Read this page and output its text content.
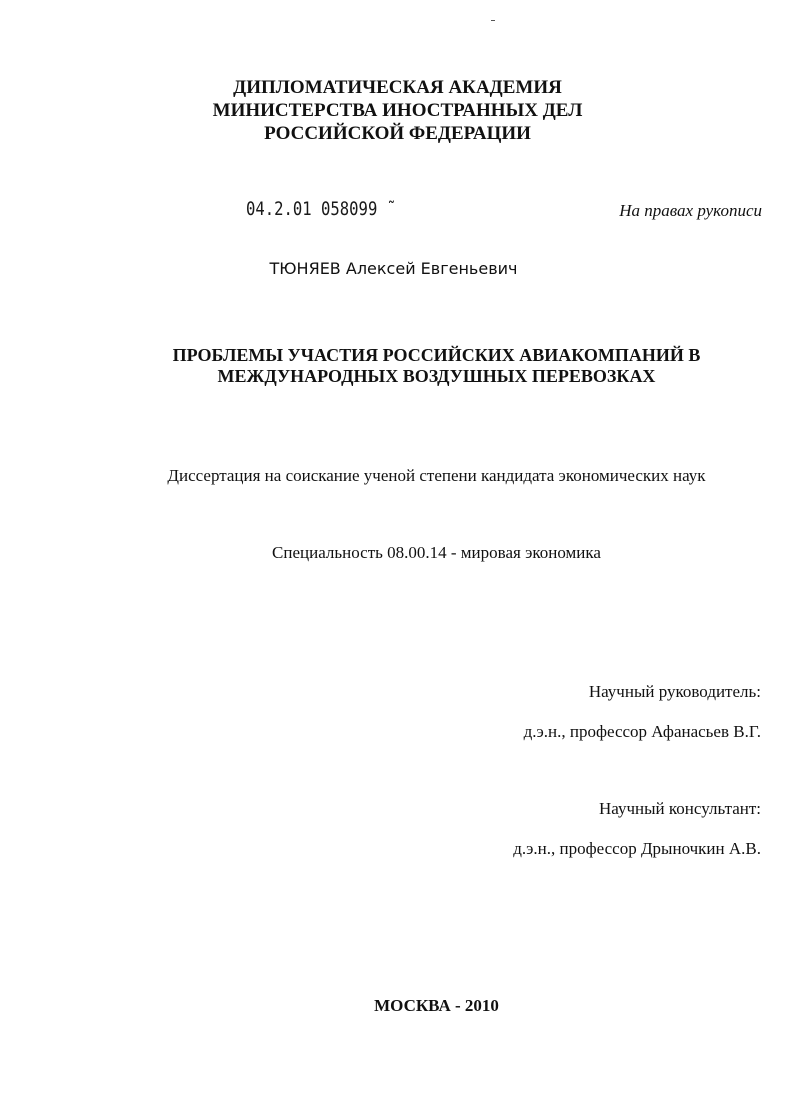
ДИПЛОМАТИЧЕСКАЯ АКАДЕМИЯ
МИНИСТЕРСТВА ИНОСТРАННЫХ ДЕЛ
РОССИЙСКОЙ ФЕДЕРАЦИИ
04.2.01 058099 ˜	На правах рукописи
ТЮНЯЕВ Алексей Евгеньевич
ПРОБЛЕМЫ УЧАСТИЯ РОССИЙСКИХ АВИАКОМПАНИЙ В
МЕЖДУНАРОДНЫХ ВОЗДУШНЫХ ПЕРЕВОЗКАХ
Диссертация на соискание ученой степени кандидата экономических наук
Специальность 08.00.14 - мировая экономика
Научный руководитель:
д.э.н., профессор Афанасьев В.Г.
Научный консультант:
д.э.н., профессор Дрыночкин А.В.
МОСКВА - 2010
